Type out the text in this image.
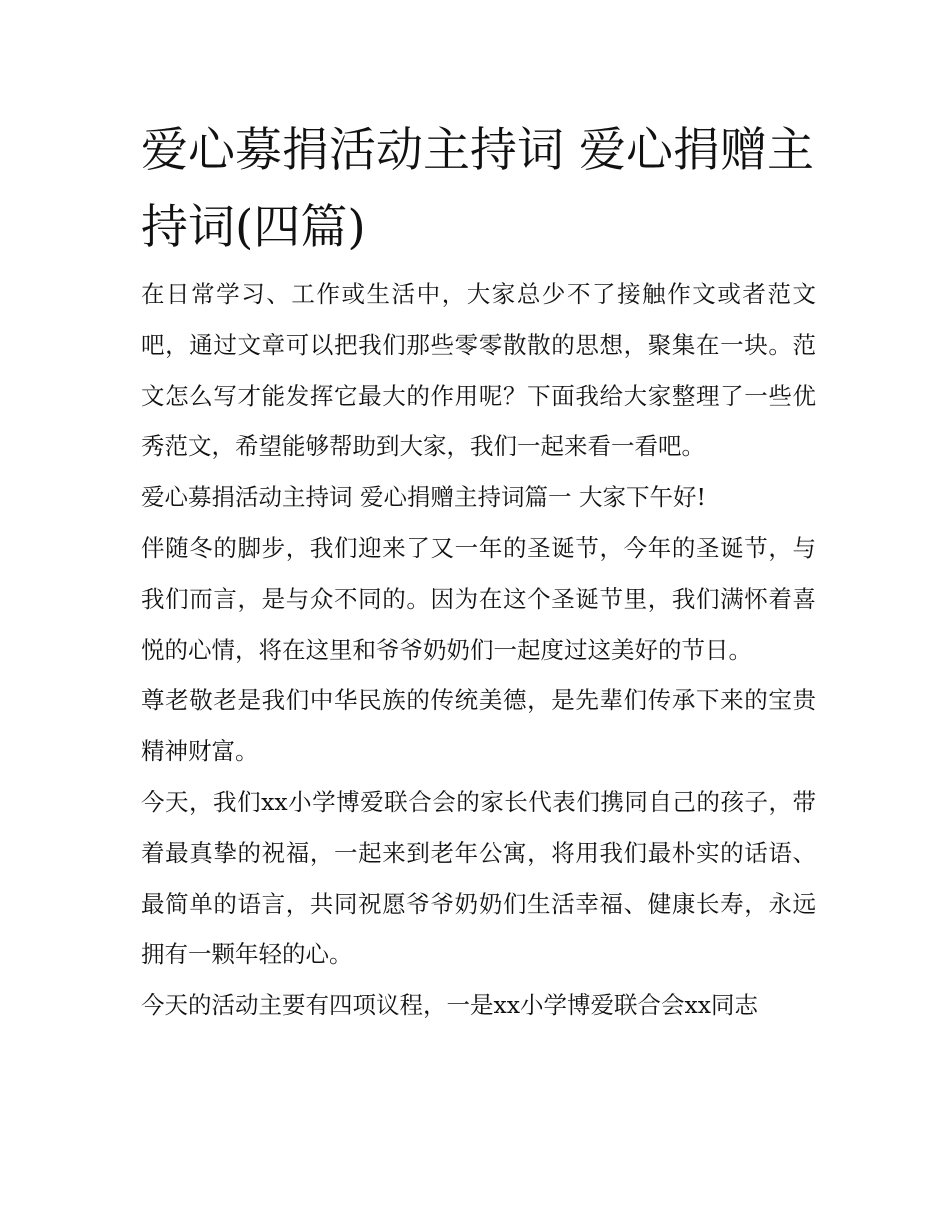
爱心募捐活动主持词 爱心捐赠主持词(四篇)

在日常学习、工作或生活中，大家总少不了接触作文或者范文吧，通过文章可以把我们那些零零散散的思想，聚集在一块。范文怎么写才能发挥它最大的作用呢？下面我给大家整理了一些优秀范文，希望能够帮助到大家，我们一起来看一看吧。

爱心募捐活动主持词 爱心捐赠主持词篇一 大家下午好!

伴随冬的脚步，我们迎来了又一年的圣诞节，今年的圣诞节，与我们而言，是与众不同的。因为在这个圣诞节里，我们满怀着喜悦的心情，将在这里和爷爷奶奶们一起度过这美好的节日。

尊老敬老是我们中华民族的传统美德，是先辈们传承下来的宝贵精神财富。

今天，我们xx小学博爱联合会的家长代表们携同自己的孩子，带着最真挚的祝福，一起来到老年公寓，将用我们最朴实的话语、最简单的语言，共同祝愿爷爷奶奶们生活幸福、健康长寿，永远拥有一颗年轻的心。

今天的活动主要有四项议程，一是xx小学博爱联合会xx同志
